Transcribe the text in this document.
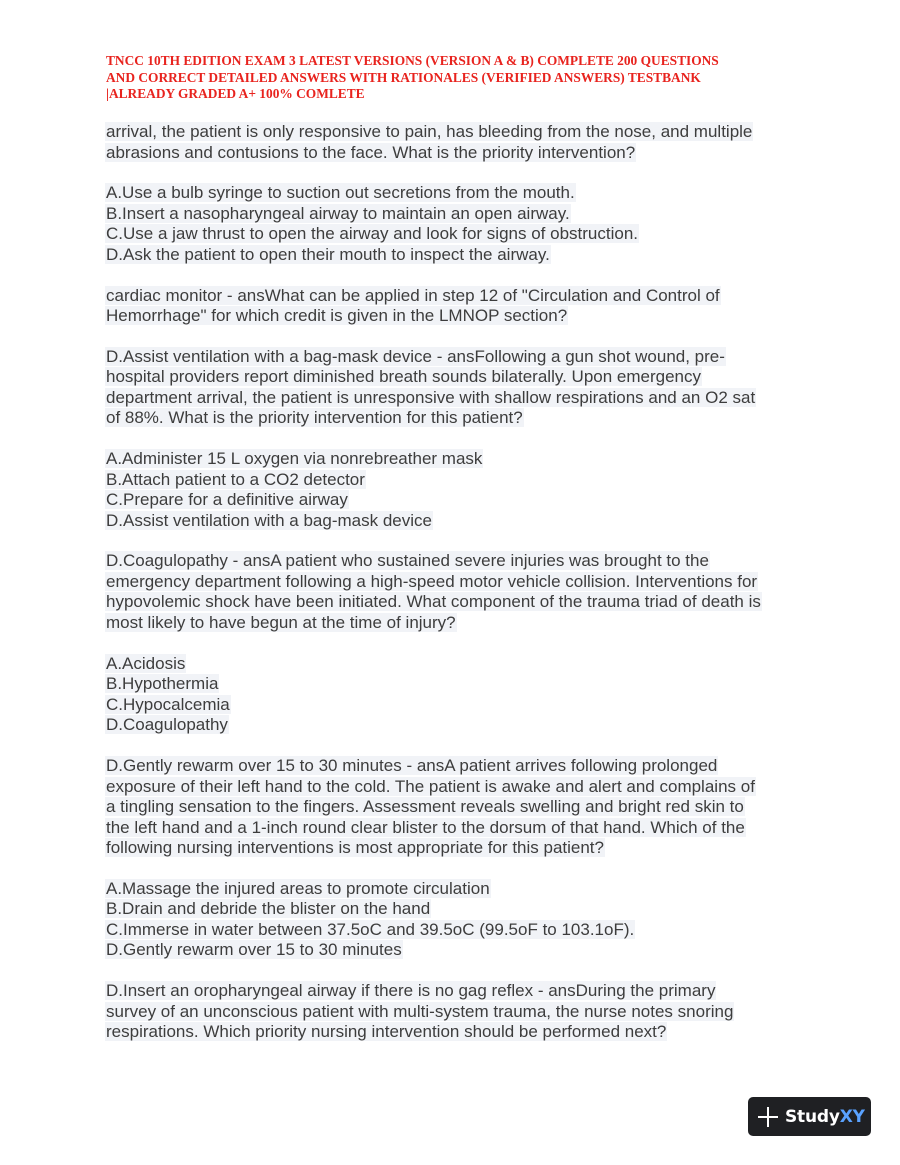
TNCC 10TH EDITION EXAM 3 LATEST VERSIONS (VERSION A & B) COMPLETE 200 QUESTIONS
AND CORRECT DETAILED ANSWERS WITH RATIONALES (VERIFIED ANSWERS) TESTBANK
|ALREADY GRADED A+ 100% COMLETE
arrival, the patient is only responsive to pain, has bleeding from the nose, and multiple
abrasions and contusions to the face. What is the priority intervention?
A.Use a bulb syringe to suction out secretions from the mouth.
B.Insert a nasopharyngeal airway to maintain an open airway.
C.Use a jaw thrust to open the airway and look for signs of obstruction.
D.Ask the patient to open their mouth to inspect the airway.
cardiac monitor - ansWhat can be applied in step 12 of "Circulation and Control of
Hemorrhage" for which credit is given in the LMNOP section?
D.Assist ventilation with a bag-mask device - ansFollowing a gun shot wound, pre-
hospital providers report diminished breath sounds bilaterally. Upon emergency
department arrival, the patient is unresponsive with shallow respirations and an O2 sat
of 88%. What is the priority intervention for this patient?
A.Administer 15 L oxygen via nonrebreather mask
B.Attach patient to a CO2 detector
C.Prepare for a definitive airway
D.Assist ventilation with a bag-mask device
D.Coagulopathy - ansA patient who sustained severe injuries was brought to the
emergency department following a high-speed motor vehicle collision. Interventions for
hypovolemic shock have been initiated. What component of the trauma triad of death is
most likely to have begun at the time of injury?
A.Acidosis
B.Hypothermia
C.Hypocalcemia
D.Coagulopathy
D.Gently rewarm over 15 to 30 minutes - ansA patient arrives following prolonged
exposure of their left hand to the cold. The patient is awake and alert and complains of
a tingling sensation to the fingers. Assessment reveals swelling and bright red skin to
the left hand and a 1-inch round clear blister to the dorsum of that hand. Which of the
following nursing interventions is most appropriate for this patient?
A.Massage the injured areas to promote circulation
B.Drain and debride the blister on the hand
C.Immerse in water between 37.5oC and 39.5oC (99.5oF to 103.1oF).
D.Gently rewarm over 15 to 30 minutes
D.Insert an oropharyngeal airway if there is no gag reflex - ansDuring the primary
survey of an unconscious patient with multi-system trauma, the nurse notes snoring
respirations. Which priority nursing intervention should be performed next?
StudyXY
